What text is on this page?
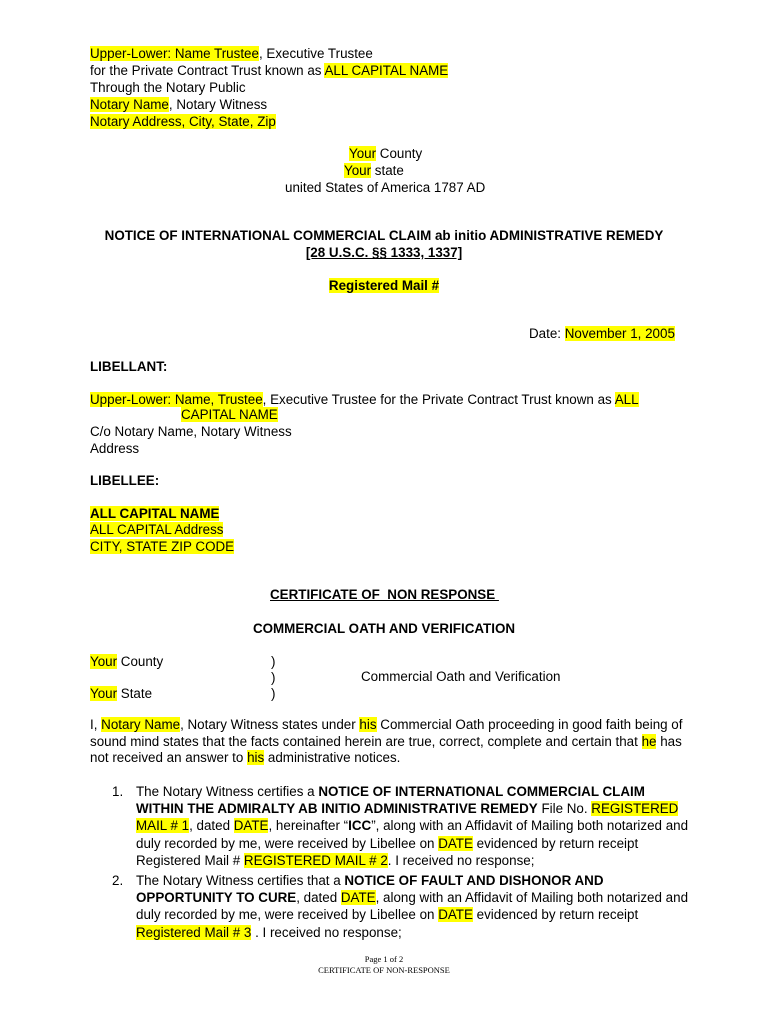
Upper-Lower: Name Trustee, Executive Trustee
for the Private Contract Trust known as ALL CAPITAL NAME
Through the Notary Public
Notary Name, Notary Witness
Notary Address, City, State, Zip
Your County
Your state
united States of America 1787 AD
NOTICE OF INTERNATIONAL COMMERCIAL CLAIM ab initio ADMINISTRATIVE REMEDY
[28 U.S.C. §§ 1333, 1337]
Registered Mail #
Date: November 1, 2005
LIBELLANT:
Upper-Lower: Name, Trustee, Executive Trustee for the Private Contract Trust known as ALL
CAPITAL NAME
C/o Notary Name, Notary Witness
Address
LIBELLEE:
ALL CAPITAL NAME
ALL CAPITAL Address
CITY, STATE ZIP CODE
CERTIFICATE OF  NON RESPONSE
COMMERCIAL OATH AND VERIFICATION
Your County
Your State
)
)
)
Commercial Oath and Verification
I, Notary Name, Notary Witness states under his Commercial Oath proceeding in good faith being of sound mind states that the facts contained herein are true, correct, complete and certain that he has not received an answer to his administrative notices.
1. The Notary Witness certifies a NOTICE OF INTERNATIONAL COMMERCIAL CLAIM WITHIN THE ADMIRALTY AB INITIO ADMINISTRATIVE REMEDY File No. REGISTERED MAIL # 1, dated DATE, hereinafter “ICC”, along with an Affidavit of Mailing both notarized and duly recorded by me, were received by Libellee on DATE evidenced by return receipt Registered Mail # REGISTERED MAIL # 2. I received no response;
2. The Notary Witness certifies that a NOTICE OF FAULT AND DISHONOR AND OPPORTUNITY TO CURE, dated DATE, along with an Affidavit of Mailing both notarized and duly recorded by me, were received by Libellee on DATE evidenced by return receipt Registered Mail # 3 . I received no response;
Page 1 of 2
CERTIFICATE OF NON-RESPONSE
